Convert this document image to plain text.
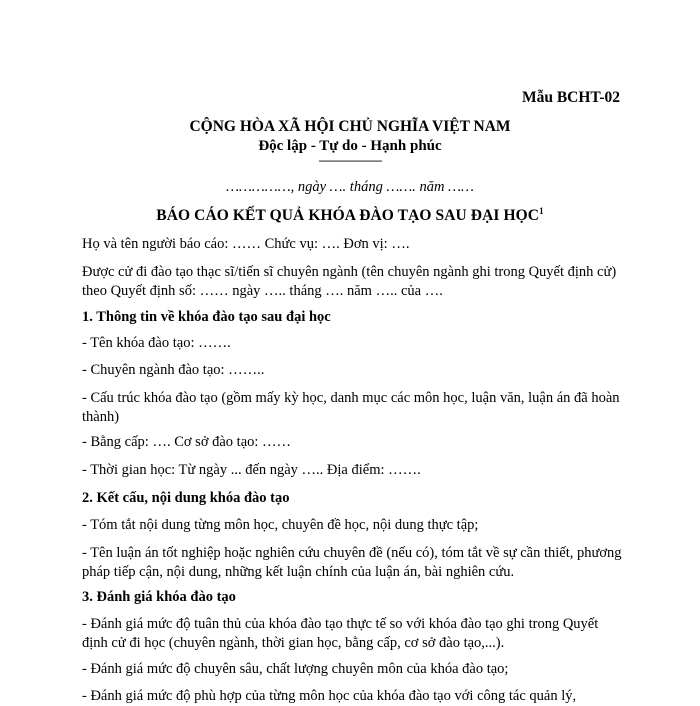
Mẫu BCHT-02
CỘNG HÒA XÃ HỘI CHỦ NGHĨA VIỆT NAM
Độc lập - Tự do - Hạnh phúc
---------------------
……………, ngày …. tháng ……. năm ……
BÁO CÁO KẾT QUẢ KHÓA ĐÀO TẠO SAU ĐẠI HỌC$^1$
Họ và tên người báo cáo: …… Chức vụ: …. Đơn vị: ….
Được cử đi đào tạo thạc sĩ/tiến sĩ chuyên ngành (tên chuyên ngành ghi trong Quyết định cử) theo Quyết định số: …… ngày ….. tháng …. năm ….. của ….
1. Thông tin về khóa đào tạo sau đại học
- Tên khóa đào tạo: …….
- Chuyên ngành đào tạo: ……..
- Cấu trúc khóa đào tạo (gồm mấy kỳ học, danh mục các môn học, luận văn, luận án đã hoàn thành)
- Bằng cấp: …. Cơ sở đào tạo: ……
- Thời gian học: Từ ngày ... đến ngày ….. Địa điểm: …….
2. Kết cấu, nội dung khóa đào tạo
- Tóm tắt nội dung từng môn học, chuyên đề học, nội dung thực tập;
- Tên luận án tốt nghiệp hoặc nghiên cứu chuyên đề (nếu có), tóm tắt về sự cần thiết, phương pháp tiếp cận, nội dung, những kết luận chính của luận án, bài nghiên cứu.
3. Đánh giá khóa đào tạo
- Đánh giá mức độ tuân thủ của khóa đào tạo thực tế so với khóa đào tạo ghi trong Quyết định cử đi học (chuyên ngành, thời gian học, bằng cấp, cơ sở đào tạo,...).
- Đánh giá mức độ chuyên sâu, chất lượng chuyên môn của khóa đào tạo;
- Đánh giá mức độ phù hợp của từng môn học của khóa đào tạo với công tác quản lý,
